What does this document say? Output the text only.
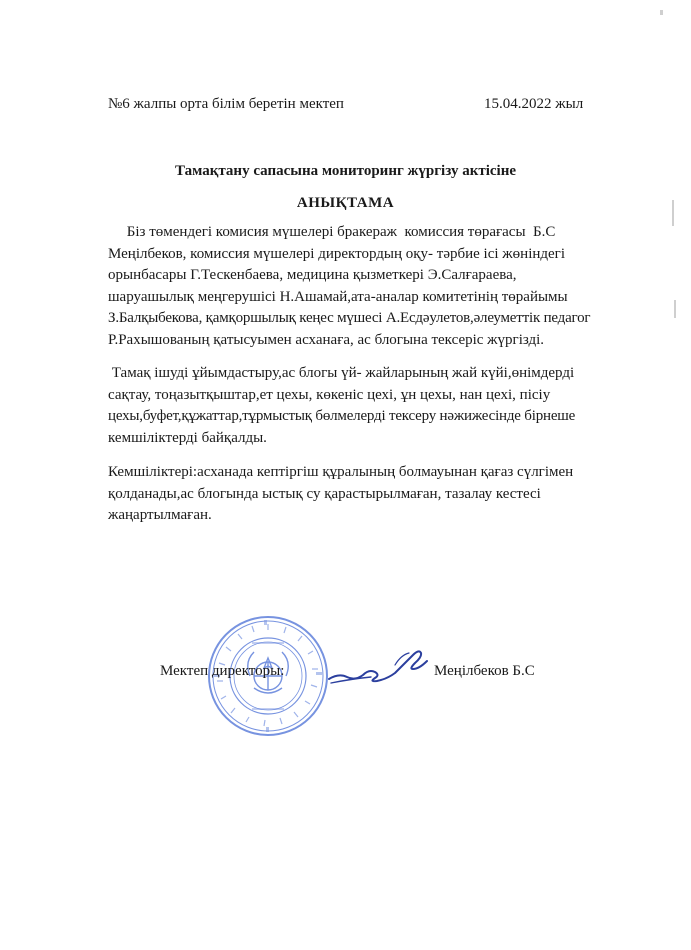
№6 жалпы орта білім беретін мектеп	15.04.2022 жыл
Тамақтану сапасына мониторинг жүргізу актісіне
АНЫҚТАМА

Біз төмендегі комисия мүшелері бракераж  комиссия төрағасы  Б.С
Меңілбеков, комиссия мүшелері директордың оқу- тәрбие ісі жөніндегі
орынбасары Г.Тескенбаева, медицина қызметкері Э.Салғараева,
шаруашылық меңгерушісі Н.Ашамай,ата-аналар комитетінің төрайымы
З.Балқыбекова, қамқоршылық кеңес мүшесі А.Есдәулетов,әлеуметтік педагог
Р.Рахышованың қатысуымен асханаға, ас блогына тексеріс жүргізді.

Тамақ ішуді ұйымдастыру,ас блогы үй- жайларының жай күйі,өнімдерді
сақтау, тоңазытқыштар,ет цехы, көкеніс цехі, ұн цехы, нан цехі, пісіу
цехы,буфет,құжаттар,тұрмыстық бөлмелерді тексеру нәжижесінде бірнеше
кемшіліктерді байқалды.

Кемшіліктері:асханада кептіргіш құралының болмауынан қағаз сүлгімен
қолданады,ас блогында ыстық су қарастырылмаған, тазалау кестесі
жаңартылмаған.

Мектеп директоры:	Меңілбеков Б.С
